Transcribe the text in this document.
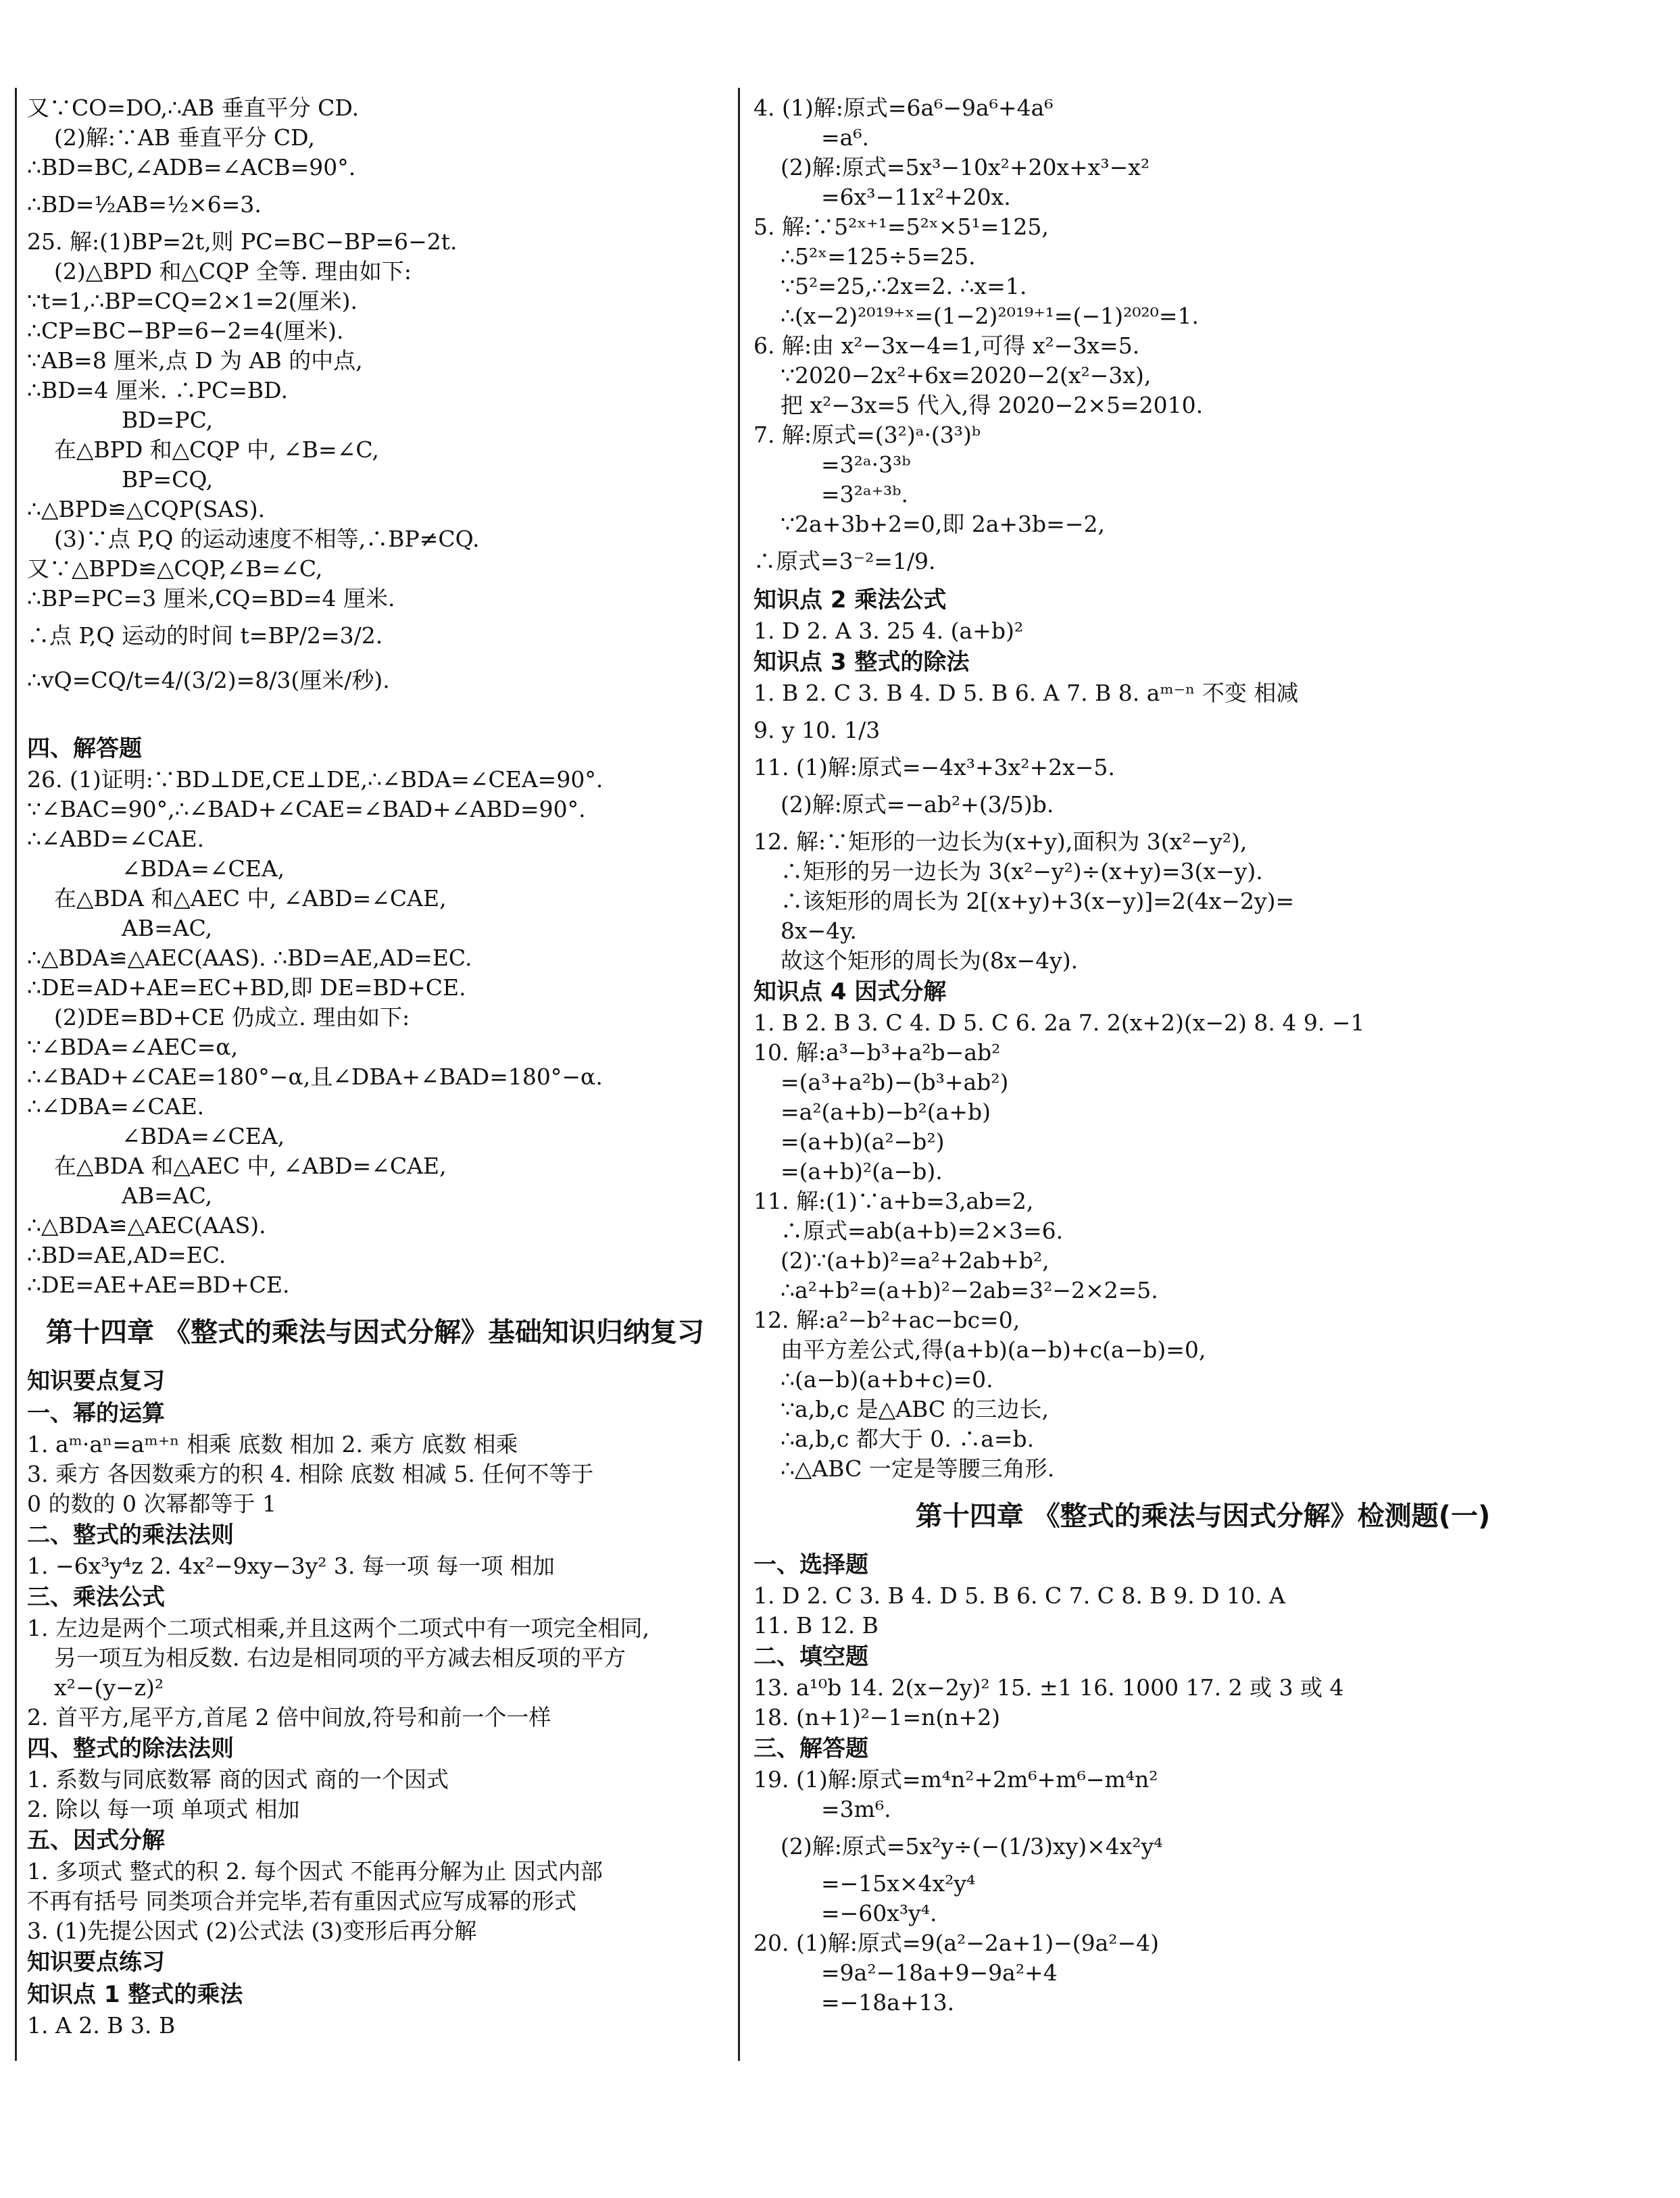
又∵CO=DO,∴AB 垂直平分 CD.
(2)解:∵AB 垂直平分 CD,
∴BD=BC,∠ADB=∠ACB=90°.
∴BD=½AB=½×6=3.
25. 解:(1)BP=2t,则 PC=BC−BP=6−2t.
(2)△BPD 和△CQP 全等. 理由如下:
∵t=1,∴BP=CQ=2×1=2(厘米).
∴CP=BC−BP=6−2=4(厘米).
∵AB=8 厘米,点 D 为 AB 的中点,
∴BD=4 厘米. ∴PC=BD.
BD=PC,
在△BPD 和△CQP 中, ∠B=∠C,
BP=CQ,
∴△BPD≌△CQP(SAS).
(3)∵点 P,Q 的运动速度不相等,∴BP≠CQ.
又∵△BPD≌△CQP,∠B=∠C,
∴BP=PC=3 厘米,CQ=BD=4 厘米.
∴点 P,Q 运动的时间 t=BP/2=3/2.
∴vQ=CQ/t=4/(3/2)=8/3(厘米/秒).
四、解答题
26. (1)证明:∵BD⊥DE,CE⊥DE,∴∠BDA=∠CEA=90°.
∵∠BAC=90°,∴∠BAD+∠CAE=∠BAD+∠ABD=90°.
∴∠ABD=∠CAE.
∠BDA=∠CEA,
在△BDA 和△AEC 中, ∠ABD=∠CAE,
AB=AC,
∴△BDA≌△AEC(AAS). ∴BD=AE,AD=EC.
∴DE=AD+AE=EC+BD,即 DE=BD+CE.
(2)DE=BD+CE 仍成立. 理由如下:
∵∠BDA=∠AEC=α,
∴∠BAD+∠CAE=180°−α,且∠DBA+∠BAD=180°−α.
∴∠DBA=∠CAE.
∠BDA=∠CEA,
在△BDA 和△AEC 中, ∠ABD=∠CAE,
AB=AC,
∴△BDA≌△AEC(AAS).
∴BD=AE,AD=EC.
∴DE=AE+AE=BD+CE.
第十四章 《整式的乘法与因式分解》基础知识归纳复习
知识要点复习
一、幂的运算
1. aᵐ·aⁿ=aᵐ⁺ⁿ 相乘 底数 相加 2. 乘方 底数 相乘
3. 乘方 各因数乘方的积 4. 相除 底数 相减 5. 任何不等于
0 的数的 0 次幂都等于 1
二、整式的乘法法则
1. −6x³y⁴z 2. 4x²−9xy−3y² 3. 每一项 每一项 相加
三、乘法公式
1. 左边是两个二项式相乘,并且这两个二项式中有一项完全相同,
另一项互为相反数. 右边是相同项的平方减去相反项的平方
x²−(y−z)²
2. 首平方,尾平方,首尾 2 倍中间放,符号和前一个一样
四、整式的除法法则
1. 系数与同底数幂 商的因式 商的一个因式
2. 除以 每一项 单项式 相加
五、因式分解
1. 多项式 整式的积 2. 每个因式 不能再分解为止 因式内部
不再有括号 同类项合并完毕,若有重因式应写成幂的形式
3. (1)先提公因式 (2)公式法 (3)变形后再分解
知识要点练习
知识点 1 整式的乘法
1. A 2. B 3. B
4. (1)解:原式=6a⁶−9a⁶+4a⁶
=a⁶.
(2)解:原式=5x³−10x²+20x+x³−x²
=6x³−11x²+20x.
5. 解:∵5²ˣ⁺¹=5²ˣ×5¹=125,
∴5²ˣ=125÷5=25.
∵5²=25,∴2x=2. ∴x=1.
∴(x−2)²⁰¹⁹⁺ˣ=(1−2)²⁰¹⁹⁺¹=(−1)²⁰²⁰=1.
6. 解:由 x²−3x−4=1,可得 x²−3x=5.
∵2020−2x²+6x=2020−2(x²−3x),
把 x²−3x=5 代入,得 2020−2×5=2010.
7. 解:原式=(3²)ᵃ·(3³)ᵇ
=3²ᵃ·3³ᵇ
=3²ᵃ⁺³ᵇ.
∵2a+3b+2=0,即 2a+3b=−2,
∴原式=3⁻²=1/9.
知识点 2 乘法公式
1. D 2. A 3. 25 4. (a+b)²
知识点 3 整式的除法
1. B 2. C 3. B 4. D 5. B 6. A 7. B 8. aᵐ⁻ⁿ 不变 相减
9. y 10. 1/3
11. (1)解:原式=−4x³+3x²+2x−5.
(2)解:原式=−ab²+(3/5)b.
12. 解:∵矩形的一边长为(x+y),面积为 3(x²−y²),
∴矩形的另一边长为 3(x²−y²)÷(x+y)=3(x−y).
∴该矩形的周长为 2[(x+y)+3(x−y)]=2(4x−2y)=
8x−4y.
故这个矩形的周长为(8x−4y).
知识点 4 因式分解
1. B 2. B 3. C 4. D 5. C 6. 2a 7. 2(x+2)(x−2) 8. 4 9. −1
10. 解:a³−b³+a²b−ab²
=(a³+a²b)−(b³+ab²)
=a²(a+b)−b²(a+b)
=(a+b)(a²−b²)
=(a+b)²(a−b).
11. 解:(1)∵a+b=3,ab=2,
∴原式=ab(a+b)=2×3=6.
(2)∵(a+b)²=a²+2ab+b²,
∴a²+b²=(a+b)²−2ab=3²−2×2=5.
12. 解:a²−b²+ac−bc=0,
由平方差公式,得(a+b)(a−b)+c(a−b)=0,
∴(a−b)(a+b+c)=0.
∵a,b,c 是△ABC 的三边长,
∴a,b,c 都大于 0. ∴a=b.
∴△ABC 一定是等腰三角形.
第十四章 《整式的乘法与因式分解》检测题(一)
一、选择题
1. D 2. C 3. B 4. D 5. B 6. C 7. C 8. B 9. D 10. A
11. B 12. B
二、填空题
13. a¹⁰b 14. 2(x−2y)² 15. ±1 16. 1000 17. 2 或 3 或 4
18. (n+1)²−1=n(n+2)
三、解答题
19. (1)解:原式=m⁴n²+2m⁶+m⁶−m⁴n²
=3m⁶.
(2)解:原式=5x²y÷(−(1/3)xy)×4x²y⁴
=−15x×4x²y⁴
=−60x³y⁴.
20. (1)解:原式=9(a²−2a+1)−(9a²−4)
=9a²−18a+9−9a²+4
=−18a+13.
